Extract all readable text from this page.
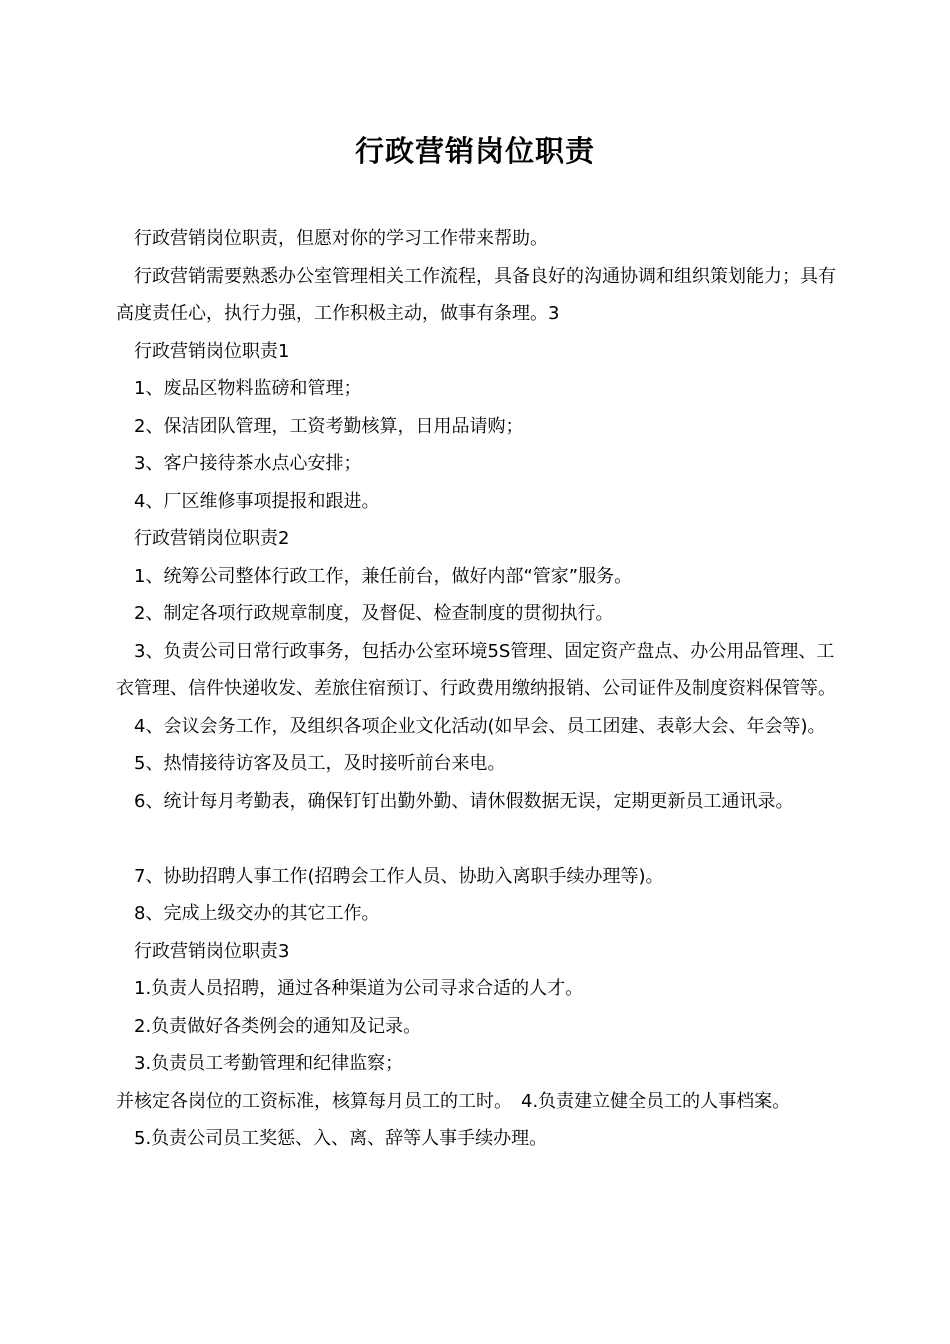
行政营销岗位职责

行政营销岗位职责，但愿对你的学习工作带来帮助。

行政营销需要熟悉办公室管理相关工作流程，具备良好的沟通协调和组织策划能力；具有高度责任心，执行力强，工作积极主动，做事有条理。3

行政营销岗位职责1

1、废品区物料监磅和管理；

2、保洁团队管理，工资考勤核算，日用品请购；

3、客户接待茶水点心安排；

4、厂区维修事项提报和跟进。

行政营销岗位职责2

1、统筹公司整体行政工作，兼任前台，做好内部“管家”服务。

2、制定各项行政规章制度，及督促、检查制度的贯彻执行。

3、负责公司日常行政事务，包括办公室环境5S管理、固定资产盘点、办公用品管理、工衣管理、信件快递收发、差旅住宿预订、行政费用缴纳报销、公司证件及制度资料保管等。

4、会议会务工作，及组织各项企业文化活动(如早会、员工团建、表彰大会、年会等)。

5、热情接待访客及员工，及时接听前台来电。

6、统计每月考勤表，确保钉钉出勤外勤、请休假数据无误，定期更新员工通讯录。

7、协助招聘人事工作(招聘会工作人员、协助入离职手续办理等)。

8、完成上级交办的其它工作。

行政营销岗位职责3

1.负责人员招聘，通过各种渠道为公司寻求合适的人才。

2.负责做好各类例会的通知及记录。

3.负责员工考勤管理和纪律监察；

并核定各岗位的工资标准，核算每月员工的工时。　4.负责建立健全员工的人事档案。

5.负责公司员工奖惩、入、离、辞等人事手续办理。
